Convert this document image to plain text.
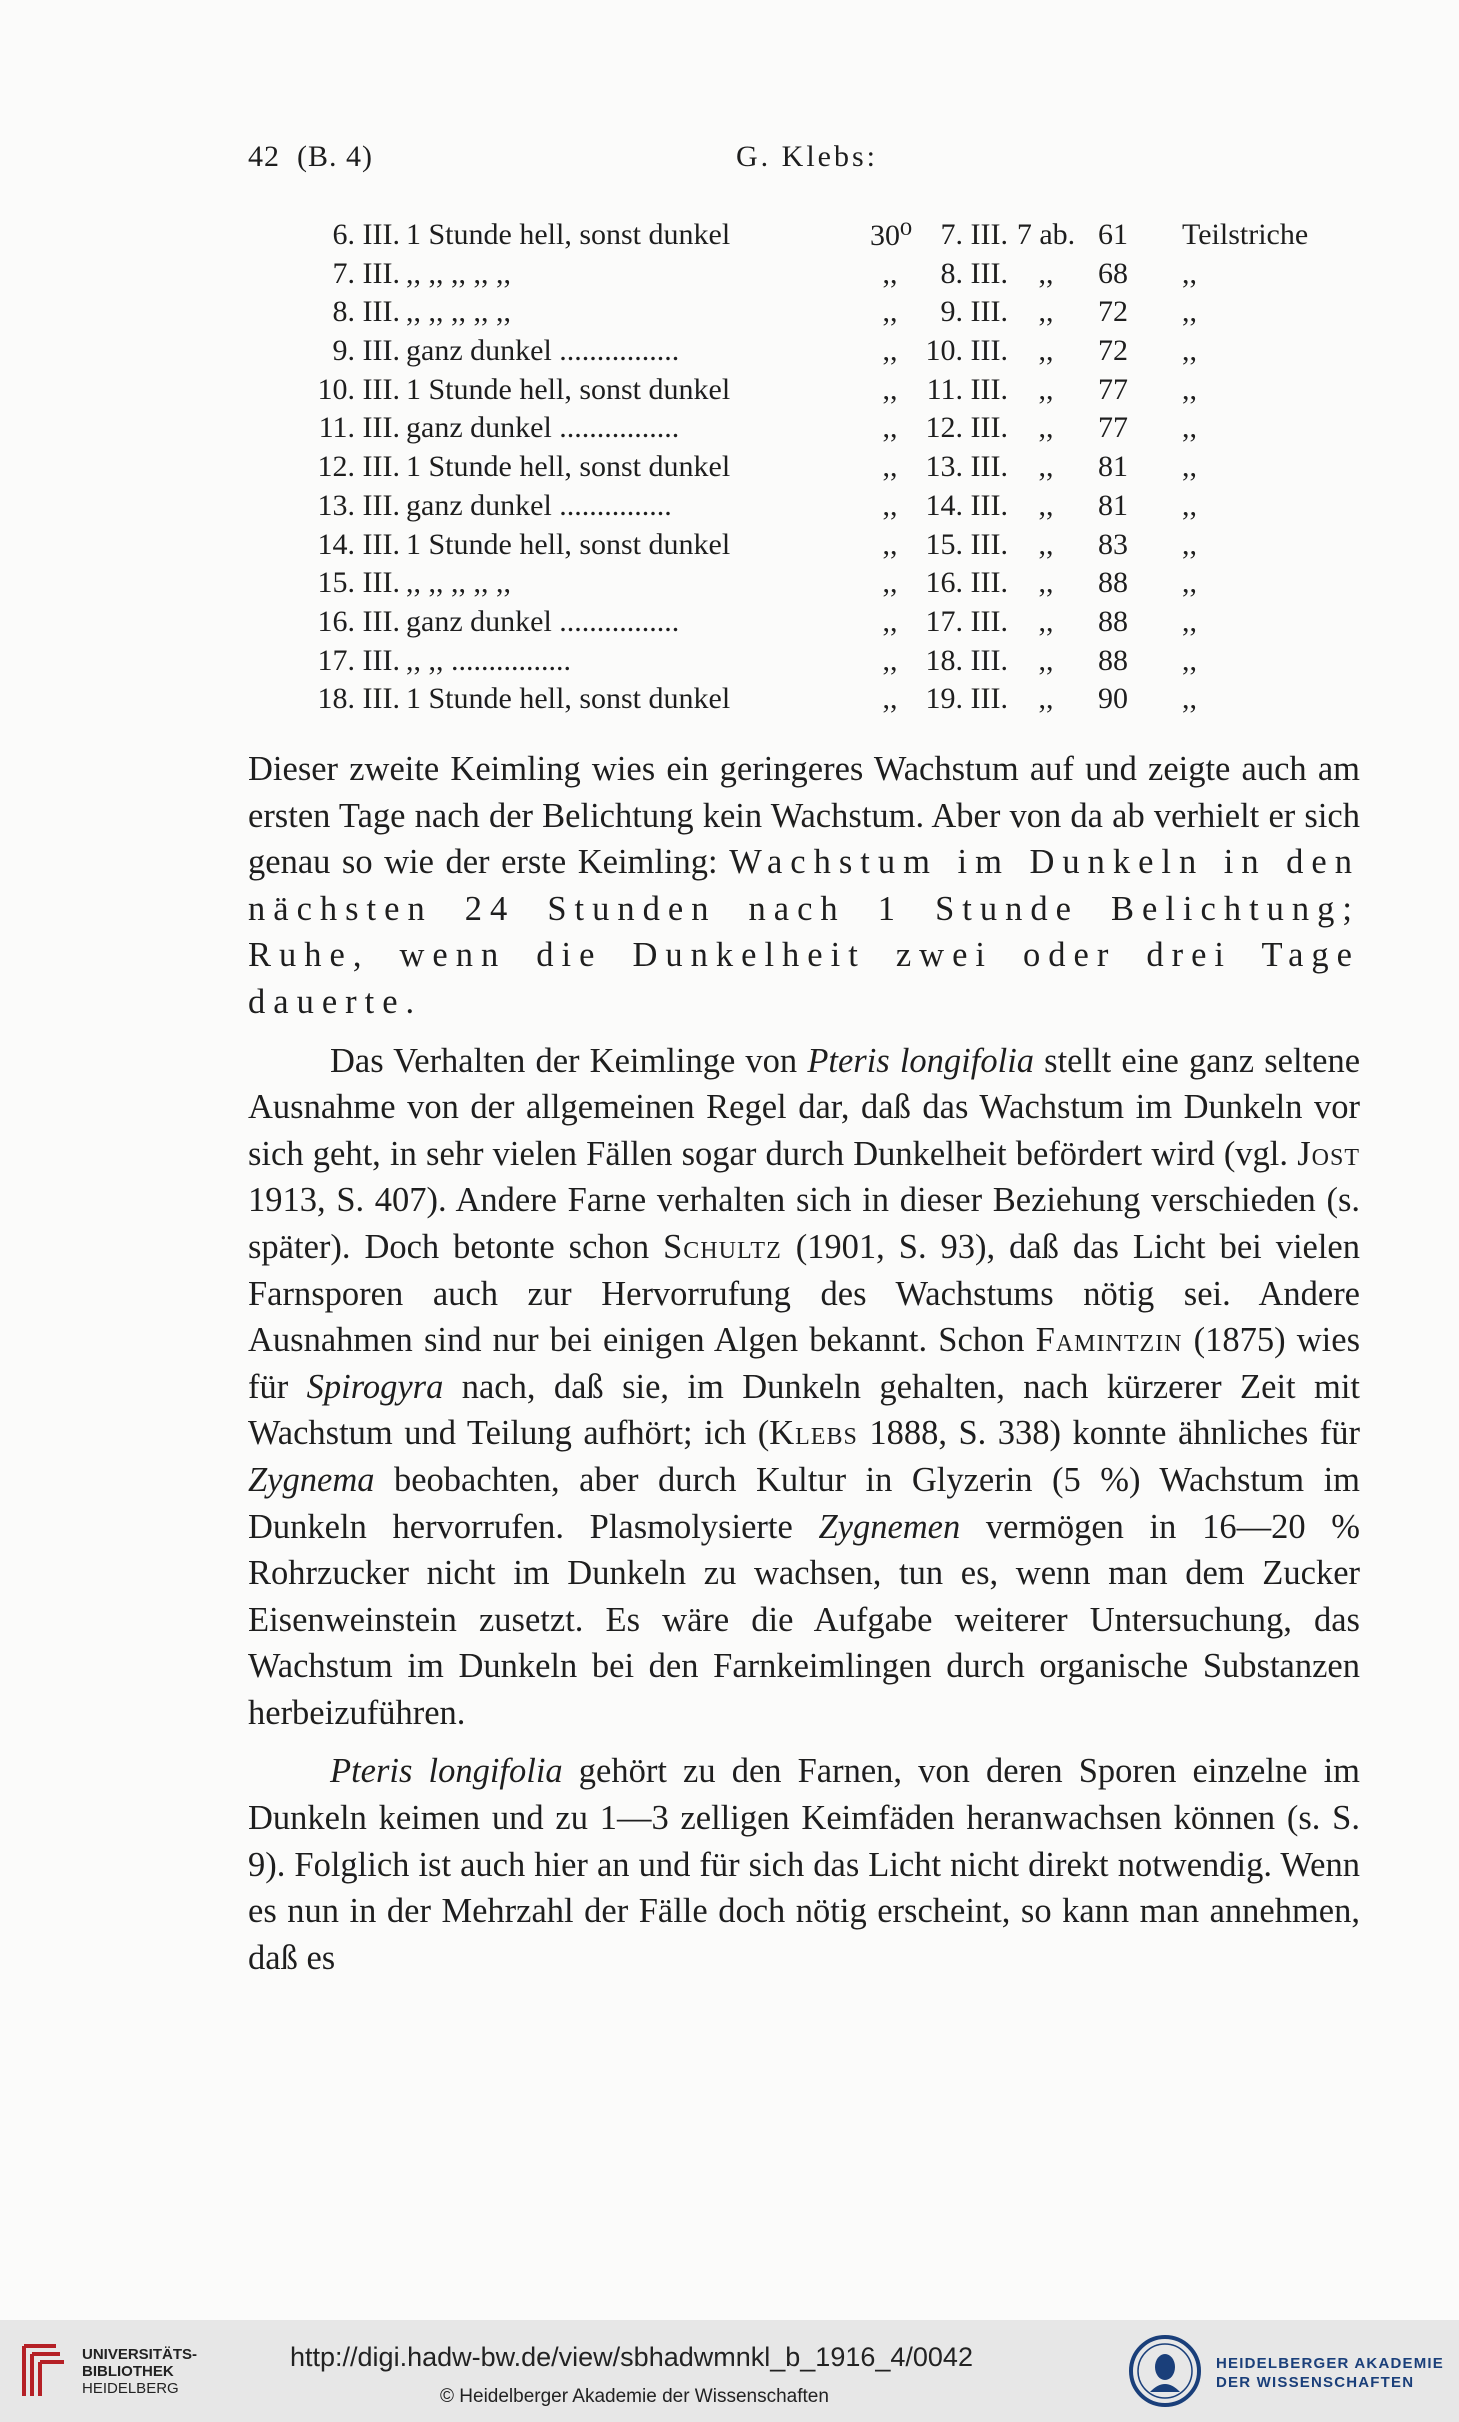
42 (B. 4)	G. Klebs:
6. III. 1 Stunde hell, sonst dunkel	30⁰ 7. III. 7 ab. 61	Teilstriche
7. III. ,, ,, ,, ,, ,,	,,	8. III.	,,	68	,,
8. III. ,, ,, ,, ,, ,,	,,	9. III.	,,	72	,,
9. III. ganz dunkel ................	,, 10. III.	,,	72	,,
10. III. 1 Stunde hell, sonst dunkel	,, 11. III.	,,	77	,,
11. III. ganz dunkel ................	,, 12. III.	,,	77	,,
12. III. 1 Stunde hell, sonst dunkel	,, 13. III.	,,	81	,,
13. III. ganz dunkel ...............	,, 14. III.	,,	81	,,
14. III. 1 Stunde hell, sonst dunkel	,, 15. III.	,,	83	,,
15. III. ,, ,, ,, ,, ,,	,, 16. III.	,,	88	,,
16. III. ganz dunkel ................	,, 17. III.	,,	88	,,
17. III. ,, ,, ................	,, 18. III.	,,	88	,,
18. III. 1 Stunde hell, sonst dunkel	,, 19. III.	,,	90	,,

Dieser zweite Keimling wies ein geringeres Wachstum auf und zeigte auch am ersten Tage nach der Belichtung kein Wachstum. Aber von da ab verhielt er sich genau so wie der erste Keimling: Wachstum im Dunkeln in den nächsten 24 Stunden nach 1 Stunde Belichtung; Ruhe, wenn die Dunkelheit zwei oder drei Tage dauerte.

Das Verhalten der Keimlinge von Pteris longifolia stellt eine ganz seltene Ausnahme von der allgemeinen Regel dar, daß das Wachstum im Dunkeln vor sich geht, in sehr vielen Fällen sogar durch Dunkelheit befördert wird (vgl. Jost 1913, S. 407). Andere Farne verhalten sich in dieser Beziehung verschieden (s. später). Doch betonte schon Schultz (1901, S. 93), daß das Licht bei vielen Farnsporen auch zur Hervorrufung des Wachstums nötig sei. Andere Ausnahmen sind nur bei einigen Algen bekannt. Schon Famintzin (1875) wies für Spirogyra nach, daß sie, im Dunkeln gehalten, nach kürzerer Zeit mit Wachstum und Teilung aufhört; ich (Klebs 1888, S. 338) konnte ähnliches für Zygnema beobachten, aber durch Kultur in Glyzerin (5 %) Wachstum im Dunkeln hervorrufen. Plasmolysierte Zygnemen vermögen in 16—20 % Rohrzucker nicht im Dunkeln zu wachsen, tun es, wenn man dem Zucker Eisenweinstein zusetzt. Es wäre die Aufgabe weiterer Untersuchung, das Wachstum im Dunkeln bei den Farnkeimlingen durch organische Substanzen herbeizuführen.

Pteris longifolia gehört zu den Farnen, von deren Sporen einzelne im Dunkeln keimen und zu 1—3 zelligen Keimfäden heranwachsen können (s. S. 9). Folglich ist auch hier an und für sich das Licht nicht direkt notwendig. Wenn es nun in der Mehrzahl der Fälle doch nötig erscheint, so kann man annehmen, daß es

UNIVERSITÄTS-
BIBLIOTHEK
HEIDELBERG
http://digi.hadw-bw.de/view/sbhadwmnkl_b_1916_4/0042
© Heidelberger Akademie der Wissenschaften
HEIDELBERGER AKADEMIE
DER WISSENSCHAFTEN
